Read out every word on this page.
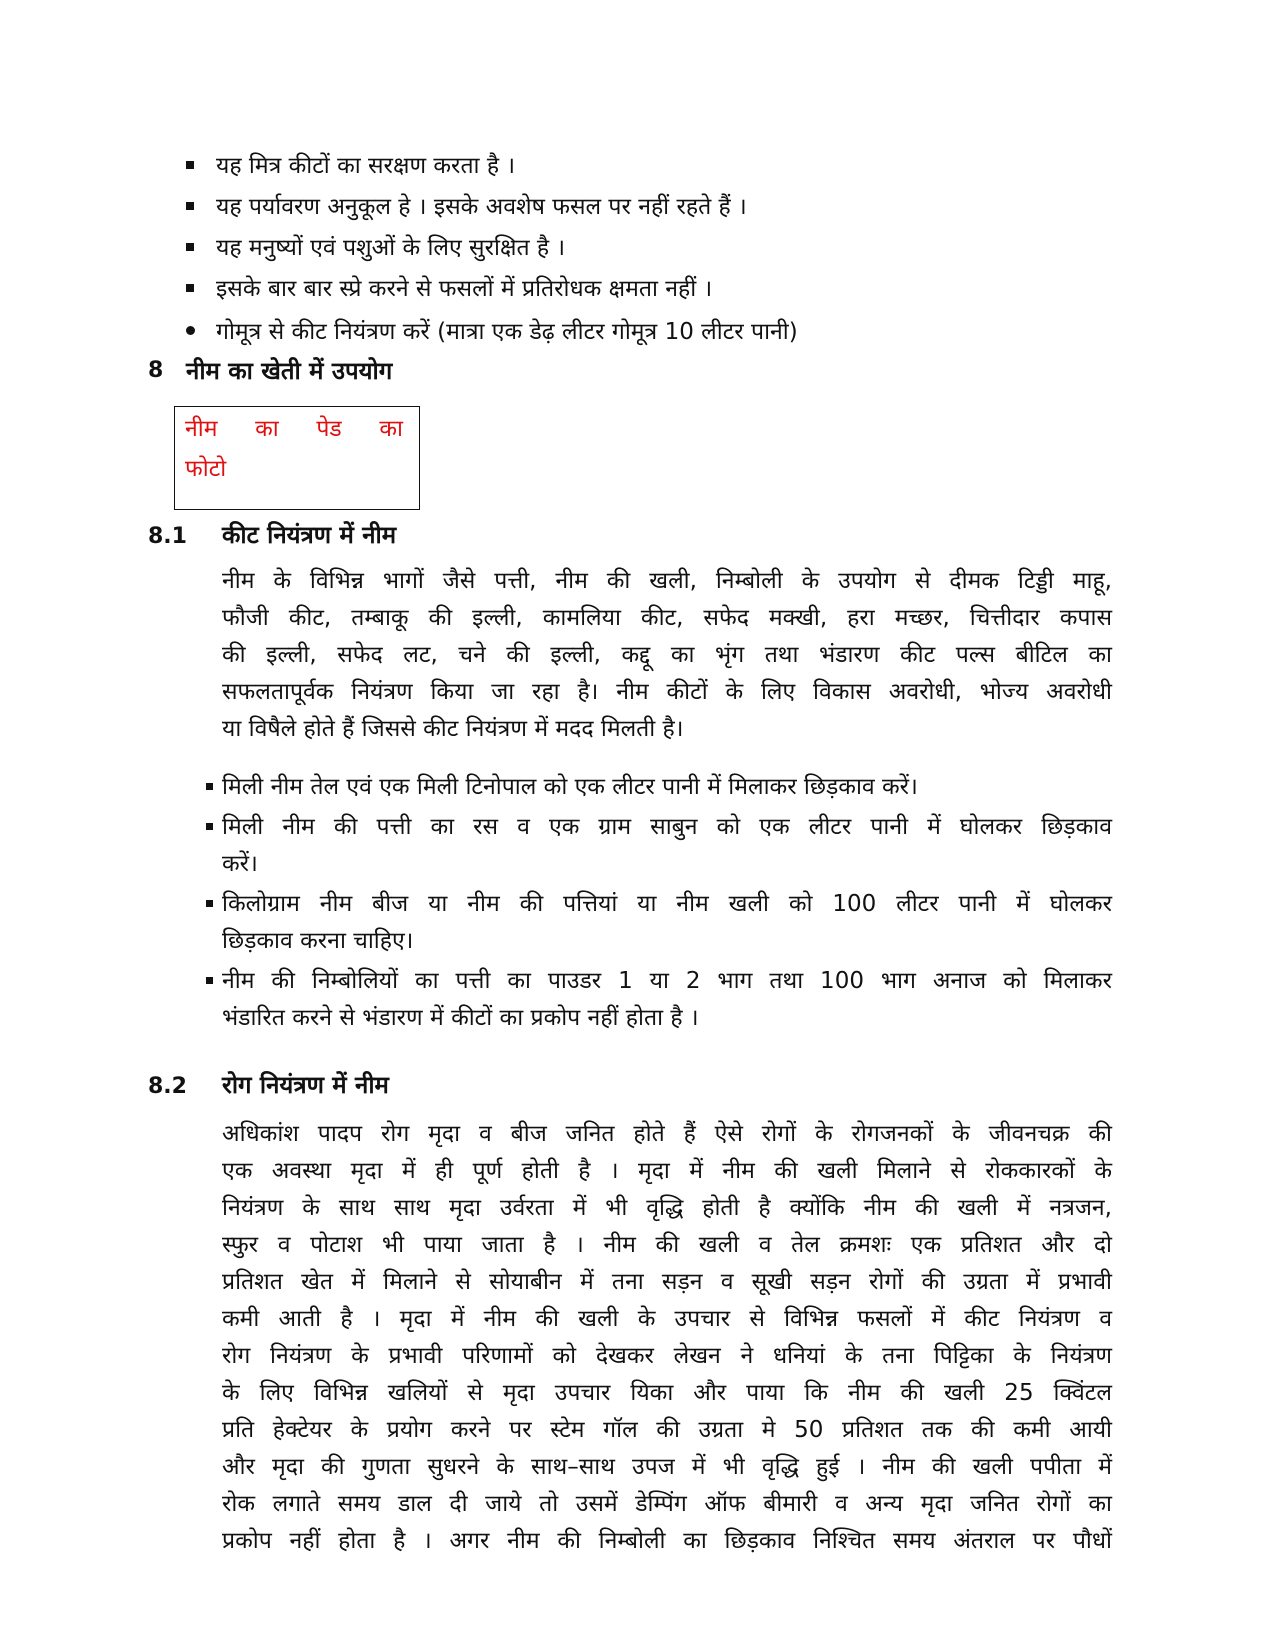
यह मित्र कीटों का सरक्षण करता है ।
यह पर्यावरण अनुकूल हे । इसके अवशेष फसल पर नहीं रहते हैं ।
यह मनुष्यों एवं पशुओं के लिए सुरक्षित है ।
इसके बार बार स्प्रे करने से फसलों में प्रतिरोधक क्षमता नहीं ।
गोमूत्र से कीट नियंत्रण करें (मात्रा एक डेढ़ लीटर गोमूत्र 10 लीटर पानी)
8 नीम का खेती में उपयोग
नीम का पेड का
फोटो
8.1 कीट नियंत्रण में नीम
नीम के विभिन्न भागों जैसे पत्ती, नीम की खली, निम्बोली के उपयोग से दीमक टिड्डी माहू,
फौजी कीट, तम्बाकू की इल्ली, कामलिया कीट, सफेद मक्खी, हरा मच्छर, चित्तीदार कपास
की इल्ली, सफेद लट, चने की इल्ली, कद्दू का भृंग तथा भंडारण कीट पल्स बीटिल का
सफलतापूर्वक नियंत्रण किया जा रहा है। नीम कीटों के लिए विकास अवरोधी, भोज्य अवरोधी
या विषैले होते हैं जिससे कीट नियंत्रण में मदद मिलती है।
मिली नीम तेल एवं एक मिली टिनोपाल को एक लीटर पानी में मिलाकर छिड़काव करें।
मिली नीम की पत्ती का रस व एक ग्राम साबुन को एक लीटर पानी में घोलकर छिड़काव
करें।
किलोग्राम नीम बीज या नीम की पत्तियां या नीम खली को 100 लीटर पानी में घोलकर
छिड़काव करना चाहिए।
नीम की निम्बोलियों का पत्ती का पाउडर 1 या 2 भाग तथा 100 भाग अनाज को मिलाकर
भंडारित करने से भंडारण में कीटों का प्रकोप नहीं होता है ।
8.2 रोग नियंत्रण में नीम
अधिकांश पादप रोग मृदा व बीज जनित होते हैं ऐसे रोगों के रोगजनकों के जीवनचक्र की
एक अवस्था मृदा में ही पूर्ण होती है । मृदा में नीम की खली मिलाने से रोककारकों के
नियंत्रण के साथ साथ मृदा उर्वरता में भी वृद्धि होती है क्योंकि नीम की खली में नत्रजन,
स्फुर व पोटाश भी पाया जाता है । नीम की खली व तेल क्रमशः एक प्रतिशत और दो
प्रतिशत खेत में मिलाने से सोयाबीन में तना सड़न व सूखी सड़न रोगों की उग्रता में प्रभावी
कमी आती है । मृदा में नीम की खली के उपचार से विभिन्न फसलों में कीट नियंत्रण व
रोग नियंत्रण के प्रभावी परिणामों को देखकर लेखन ने धनियां के तना पिट्टिका के नियंत्रण
के लिए विभिन्न खलियों से मृदा उपचार यिका और पाया कि नीम की खली 25 क्विंटल
प्रति हेक्टेयर के प्रयोग करने पर स्टेम गॉल की उग्रता मे 50 प्रतिशत तक की कमी आयी
और मृदा की गुणता सुधरने के साथ–साथ उपज में भी वृद्धि हुई । नीम की खली पपीता में
रोक लगाते समय डाल दी जाये तो उसमें डेम्पिंग ऑफ बीमारी व अन्य मृदा जनित रोगों का
प्रकोप नहीं होता है । अगर नीम की निम्बोली का छिड़काव निश्चित समय अंतराल पर पौधों
